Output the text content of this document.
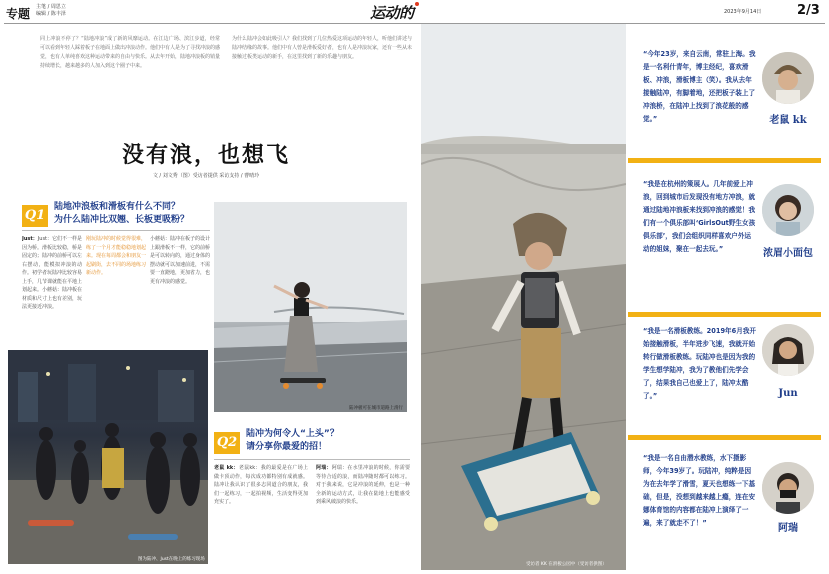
专题 主笔 / 周思立
编辑 / 陈丰泽	运动的	2023年9月14日	2/3
同上冲浪不停了？“陆地冲浪”成了新的风靡运动。在江边广场、滨江步道，经常可以看到年轻人踩着板子在地面上做出冲浪动作。他们中有人是为了寻找冲浪的感觉，也有人单纯喜欢这种运动带来的自由与快乐。从去年开始，陆地冲浪板的销量持续增长，越来越多的人加入到这个圈子中来。
为什么陆冲会如此吸引人？我们找到了几位热爱这项运动的年轻人，听他们讲述与陆冲结缘的故事。他们中有人曾是滑板爱好者，也有人是冲浪玩家，还有一些从未接触过板类运动的新手，在这里找到了新的乐趣与朋友。
没有浪，也想飞
文 / 刘文秀（图）受访者提供 采访支持 / 曹晴玲
Q1
陆地冲浪板和滑板有什么不同？
为什么陆冲比双翘、长板更吸粉？
Just：Just：它们不一样是因为桥。滑板比较稳，桥是固定的；陆冲的前桥可以左右摆动，能模拟冲浪的动作。初学者玩陆冲比较容易上手，几节课就能在平地上划起来。小蘑菇：陆冲板在材质和尺寸上也有差别，玩法更接近冲浪。
刚玩陆冲的时候觉得很难，练了一个月才能稳稳地划起来。现在每周都会和朋友一起刷街，去不同的场地练习新动作。
小蘑菇：陆冲在板子的设计上跟滑板不一样，它的前桥是可以转向的，通过身体的摆动就可以加速前进，不需要一直蹬地，更加省力，也更有冲浪的感觉。
图为陆冲、Just在晚上的练习现场
陆冲板可在城市道路上滑行
Q2
陆冲为何令人“上头”？
请分享你最爱的招！
老鼠 kk：老鼠kk：我的最爱是在广场上做卡顶动作，每次成功都特别有成就感。陆冲让我认识了很多志同道合的朋友，我们一起练习，一起拍视频，生活变得更加充实了。
阿瑞：阿瑞：在水里冲浪的时候，你需要等待合适的浪，而陆冲随时都可以练习。对于我来说，它是冲浪的延伸，也是一种全新的运动方式，让我在陆地上也能感受到乘风破浪的快乐。
受访者 KK 在滑板公园中（受访者供图）
“今年23岁，来自云南，常驻上海。我是一名利什青年，博主经纪，喜欢滑板、冲浪，滑板博主（笑）。我从去年接触陆冲，有脚着地，还把板子装上了冲浪桥，在陆冲上找到了浪花般的感觉。”	老鼠 kk
“我是在杭州的策展人。几年前爱上冲浪，回到城市后发现没有地方冲浪，就通过陆地冲浪板来找到冲浪的感觉！我们有一个俱乐部叫‘GirlsOut野生女孩俱乐部’，我们会组织同样喜欢户外运动的姐妹，聚在一起去玩。”	浓眉小面包
“我是一名滑板教练。2019年6月我开始接触滑板，半年进步飞速，我就开始转行做滑板教练。玩陆冲也是因为我的学生想学陆冲，我为了教他们先学会了，结果我自己也爱上了，陆冲太酷了。”	Jun
“我是一名自由潜水教练，水下摄影师，今年39岁了。玩陆冲，纯粹是因为在去年学了滑雪，夏天也想练一下基础，但是，没想到越来越上瘾，连在安娜体育馆的内容都在陆冲上演绎了一遍，来了就走不了！”	阿瑞
